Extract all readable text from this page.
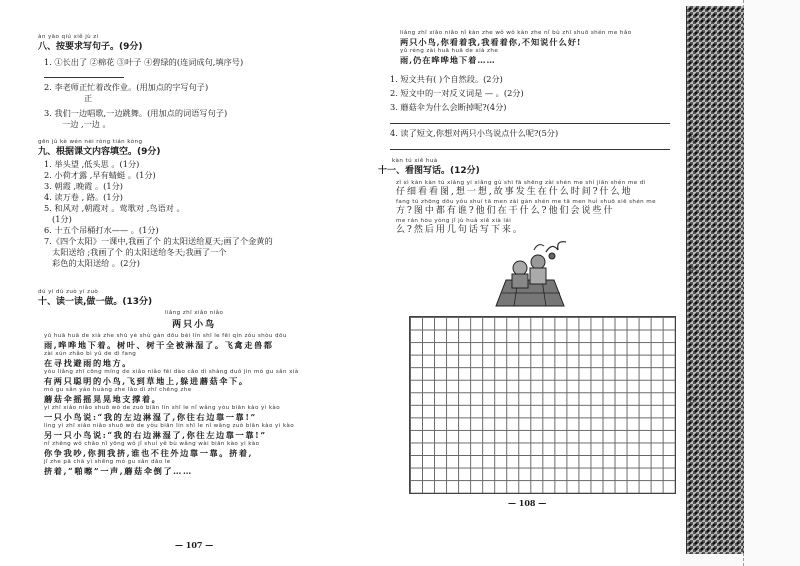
àn yāo qiú xiě jù zi
八、按要求写句子。(9分)
1. ①长出了 ②棉花 ③叶子 ④碧绿的(连词成句,填序号)
2. 李老师正忙着改作业。(用加点的字写句子)
正
3. 我们一边唱歌,一边跳舞。(用加点的词语写句子)
一边 ,一边 。
gēn jù kè wén nèi róng tián kòng
九、根据课文内容填空。(9分)
1. 举头望 ,低头思 。(1分)
2. 小荷才露 ,早有蜻蜓 。(1分)
3. 朝霞 ,晚霞 。(1分)
4. 读万卷 , 路。(1分)
5. 和风对 ,朝霞对 。莺歌对 ,鸟语对 。
(1分)
6. 十五个吊桶打水—— 。(1分)
7.《四个太阳》一课中,我画了个 的太阳送给夏天;画了个金黄的
太阳送给 ;我画了个 的太阳送给冬天;我画了一个
彩色的太阳送给 。(2分)
dú yi dú zuò yi zuò
十、读一读,做一做。(13分)
liǎng zhī xiǎo niǎo
两只小鸟
yǔ huā huā de xià zhe shù yè shù gàn dōu bèi lín shī le fēi qín zǒu shòu dōu
雨,哗哗地下着。树叶、树干全被淋湿了。飞禽走兽都
zài xún zhǎo bì yǔ de dì fang
在寻找避雨的地方。
yǒu liǎng zhī cōng míng de xiǎo niǎo fēi dào cǎo dì shàng duǒ jìn mó gu sǎn xià
有两只聪明的小鸟,飞到草地上,躲进蘑菇伞下。
mó gu sǎn yáo huàng zhe lǎo dì zhī chēng zhe
蘑菇伞摇摇晃晃地支撑着。
yì zhī xiǎo niǎo shuō wǒ de zuǒ biān lín shī le nǐ wǎng yòu biān kào yì kào
一只小鸟说:“我的左边淋湿了,你往右边靠一靠!”
lìng yì zhī xiǎo niǎo shuō wǒ de yòu biān lín shī le nǐ wǎng zuǒ biān kào yi kào
另一只小鸟说:“我的右边淋湿了,你往左边靠一靠!”
nǐ zhēng wǒ chǎo nǐ yōng wǒ jǐ shuí yě bù wǎng wài biān kào yi kào
你争我吵,你拥我挤,谁也不往外边靠一靠。挤着,
jǐ zhe pā chā yì shēng mó gu sǎn dǎo le
挤着,“啪嚓”一声,蘑菇伞倒了……
— 107 —
liǎng zhī xiǎo niǎo nǐ kàn zhe wǒ wǒ kàn zhe nǐ bù zhī shuō shén me hǎo
两只小鸟,你看着我,我看着你,不知说什么好!
yǔ réng zài huā huā de xià zhe
雨,仍在哗哗地下着……
1. 短文共有( )个自然段。(2分)
2. 短文中的一对反义词是 — 。(2分)
3. 蘑菇伞为什么会断掉呢?(4分)
4. 读了短文,你想对两只小鸟说点什么呢?(5分)
kàn tú xiě huà
十一、看图写话。(12分)
zǐ xì kàn kàn tú xiǎng yi xiǎng gù shi fā shēng zài shén me shí jiān shén me dì
仔细看看图,想一想,故事发生在什么时间?什么地
fang tú zhōng dōu yǒu shuí tā men zài gàn shén me tā men huì shuō xiē shén me
方?图中都有谁?他们在干什么?他们会说些什
me rán hòu yòng jǐ jù huà xiě xià lái
么?然后用几句话写下来。
— 108 —
班
姓
名
